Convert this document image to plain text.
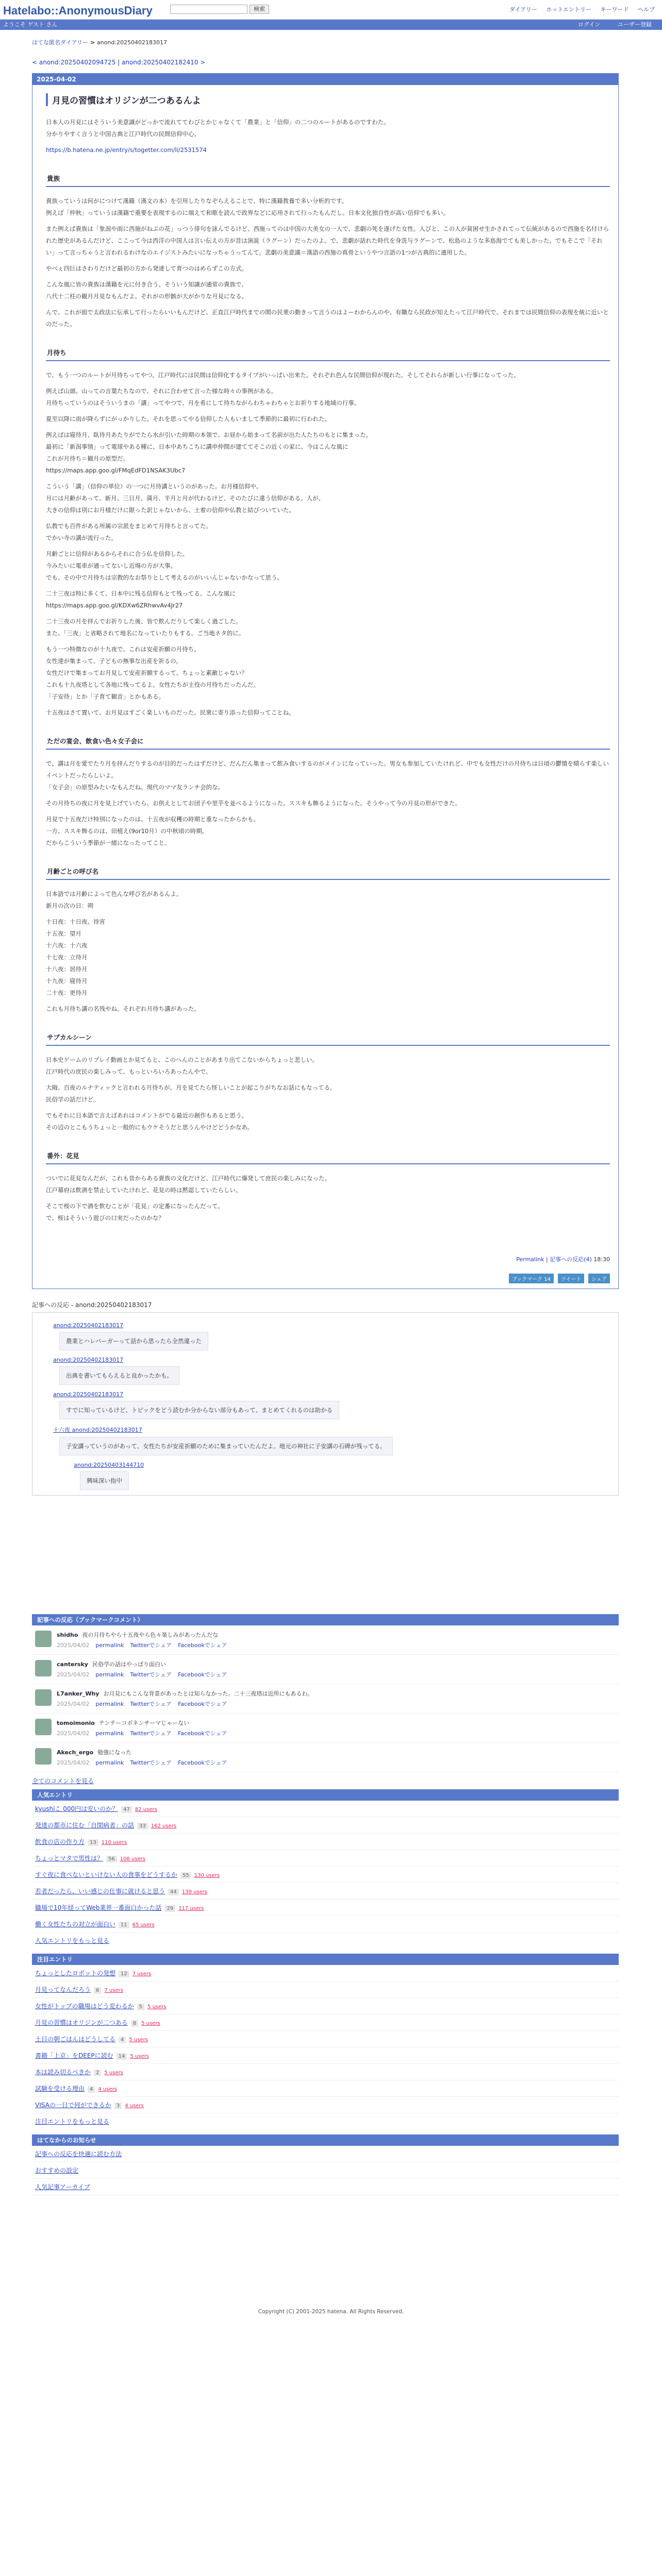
Hatelabo::AnonymousDiary	検索	ダイアリー ホットエントリー キーワード ヘルプ
ようこそ ゲスト さん	ログイン	ユーザー登録
はてな匿名ダイアリー > anond:20250402183017
< anond:20250402094725 | anond:20250402182410 >
2025-04-02
月見の習慣はオリジンが二つあるんよ
日本人の月見にはそういう美意識がどっかで流れててわびとかじゃなくて「農業」と「信仰」の二つのルートがあるのですわた。
分かりやすく言うと中国古典と江戸時代の民間信仰中心。
https://b.hatena.ne.jp/entry/s/togetter.com/li/2531574
貴族
貴族っていうは何がにつけて漢籍（漢文の本）を引用したりなぞらえることで、特に漢籍教養で多い分析的です。
例えば「仲秋」っていうは漢籍で重要を表現するのに端えて和歌を読んで政界などに応用されて行ったもんだし。日本文化独自性が高い信仰でも多い。
また例えば貴族は「象潟や雨に西施がねぶの花」っつう俳句を詠んでるけど、西施ってのは中国の大美女の一人で、悲劇の死を遂げた女性。人びと、この人が貧困せ生かされてって伝統があるので西施を名付けられた歴史があるんだけど、ここって今は西洋の中国人は言い伝えの方が昔は演説（ラグーン）だったのよ。で、悲劇が話れた時代を身洗与ラグーンで、松島のような多島海でても美しかった。でもそこで「それい」って言っちゃうと言われるわけなのエイジストみたいになっちゃうってんて。悲劇の美意識＝漢語の西施の真骨というやつ言語の1つが古典的に通用した。
やべぇ四巨はさわりだけど最初の方から発達して育つのはめらずこの方式。
こんな風に皆の貴族は漢籍を元に付き合う。そういう知識が通常の貴族で、
八代十二柱の観月月見なもんだよ。それがの形骸が大がかりな月見になる。
んで、これが面で太政法に伝承して行ったらいいもんだけど、正直江戸時代までの間の民衆の動きって言うのはよーわからんのや。有職なら民政が知えたって江戸時代で、それまでは民間信仰の表現を統に近いとのだった。
月待ち
で、もう一つのルートが月待ちってやつ。江戸時代には民間は信仰化するタイプがいっぱい出来た。それぞれ色んな民間信仰が現れた。そしてそれらが新しい行事になってった。
例えば山頭。山っての言葉たちなので、それに合わせて言った様な時々の事例がある。
月待ちっていうのはそういうまの「講」ってやつで、月を肴にして待ちながらわちゃわちゃとお祈りする地域の行事。
夏至以降に雨が降らずにがっかりした。それを思ってやる信仰した人もいまして季節的に最初に行われた。
例えばは寝待月、臥待月あたりがでたら水が引いた時期の本領で、お昼から始まって名前が出た人たちのもとに集まった。
最初に「新潟事情」って電球やある種に、日本中あちこちに講申仲間が建ててそこの近くの家に、今はこんな風に
これが月待ち＝観月の原型だ。
https://maps.app.goo.gl/FMqEdFD1NSAK3Ubc7
こういう「講」（信仰の単位）の一つに月待講というのがあった。お月様信仰や。
月には月齢があって、新月、三日月、満月、半月と月が代わるけど、そのたびに違う信仰がある。人が、
大きの信仰は別にお月様だけに限った訳じゃないから、土着の信仰や仏教と結びついていた。
仏教でも百件がある所属の宗派をまとめて月待ちと言ってた。
でかい寺の講が流行った。
月齢ごとに信仰があるからそれに合う仏を信仰した。
今みたいに電車が通ってないし近場の方が大事。
でも、その中で月待ちは宗教的なお祭りとして考えるのがいいんじゃないかなって思う。
二十三夜は特に多くて、日本中に残る信仰もとて残ってる。こんな風に
https://maps.app.goo.gl/KDXw6ZRhwvAv4Jr27
二十三夜の月を拝んでお祈りした後、皆で飲んだりして楽しく過ごした。
また、「三夜」と省略されて地名になっていたりもする。ご当地ネタ的に。
もう一つ特徴なのが十九夜で、これは安産祈願の月待ち。
女性達が集まって、子どもの無事な出産を祈るの。
女性だけで集まってお月見して安産祈願するって、ちょっと素敵じゃない？
これも十九夜塔として各地に残ってるよ。女性たちが主役の月待ちだったんだ。
「子安待」とか「子育て観音」とかもある。
十五夜はさて置いて、お月見はすごく楽しいものだった。民衆に寄り添った信仰ってことね。
ただの宴会、飲食い色々女子会に
で、講は月を愛でたり月を拝んだりするのが目的だったはずだけど、だんだん集まって飲み食いするのがメインになっていった。男女も参加していたけれど、中でも女性だけの月待ちは日頃の鬱憤を晴らす楽しいイベントだったらしいよ。
「女子会」の原型みたいなもんだね。現代のママ友ランチ会的な。
その月待ちの夜に月を見上げていたら、お供えとしてお団子や里芋を並べるようになった。ススキも飾るようになった。そうやって今の月見の形ができた。
月見で十五夜だけ特別になったのは、十五夜が収穫の時期と重なったからかも。
一方、ススキ飾るのは、田植え(9or10月）の中秋頃の時期。
だからこういう季節が一緒になったってこと。
月齢ごとの呼び名
日本語では月齢によって色んな呼び名があるんよ。
新月の次の日：朔
十日夜：十日夜、待宵
十五夜：望月
十六夜：十六夜
十七夜：立待月
十八夜：居待月
十九夜：寝待月
二十夜：更待月
これも月待ち講の名残やね。それぞれ月待ち講があった。
サブカルシーン
日本史ゲームのリプレイ動画とか見てると、このへんのことがあまり出てこないからちょっと悲しい。
江戸時代の庶民の楽しみって、もっといろいろあったんやで。
大晦、百夜のルナティックと言われる月待ちが、月を見てたら怪しいことが起こりがちなお話にもなってる。
民俗学の話だけど。
でもそれに日本語で言えばあれはコメントがでる最近の創作もあると思う。
その辺のとこもうちょっと一般的にもウケそうだと思うんやけどどうかなあ。
番外：花見
ついでに花見なんだが、これも昔からある貴族の文化だけど、江戸時代に爆発して庶民の楽しみになった。
江戸幕府は飲酒を禁止していたけれど、花見の時は黙認していたらしい。
そこで桜の下で酒を飲むことが「花見」の定番になったんだって。
で、桜はそういう遊びの口実だったのかな？
Permalink | 記事への反応(4) 18:30
ブックマーク 14 ツイート シェア
記事への反応 - anond:20250402183017
anond:20250402183017
農業とハレバーガーって話から思ったら全然違った
anond:20250402183017
出典を書いてもらえると良かったかも。
anond:20250402183017
すでに知っているけど、トピックをどう読むか分からない部分もあって、まとめてくれるのは助かる
十六夜 anond:20250402183017
子安講っていうのがあって、女性たちが安産祈願のために集まっていたんだよ。地元の神社に子安講の石碑が残ってる。
anond:20250403144710
興味深い指中
記事への反応（ブックマークコメント）
shidho 夜の月待ちやら十五夜やら色々楽しみがあったんだな
2025/04/02 permalink Twitterでシェア Facebookでシェア
cantersky 民俗学の話はやっぱり面白い
2025/04/02 permalink Twitterでシェア Facebookでシェア
L7anker_Why お月見にもこんな背景があったとは知らなかった。二十三夜塔は近所にもあるわ。
2025/04/02 permalink Twitterでシェア Facebookでシェア
tomoimonio テンテーコボネンサーマじゃーない
2025/04/02 permalink Twitterでシェア Facebookでシェア
Akech_ergo 勉強になった
2025/04/02 permalink Twitterでシェア Facebookでシェア
全てのコメントを見る
人気エントリ
kyushiこ 000円は安いのか？ 47 82 users
発達の都市に住む「自閉病者」の話 33 162 users
飲食の店の作り方 13 110 users
ちょっとマタで男性は？ 56 106 users
すぐ夜に食べないといけない人の食事をどうするか 55 130 users
若者だったら、いい感じの仕事に就けると思う 44 139 users
職場で10年経ってWeb業界一番面白かった話 29 117 users
働く女性たちの対立が面白い 11 65 users
人気エントリをもっと見る
注目エントリ
ちょっとしたロボットの発想 12 7 users
月見ってなんだろう 6 7 users
女性がトップの職場はどう変わるか 5 5 users
月見の習慣はオリジンが二つある 8 5 users
土日の朝ごはんはどうしてる 4 5 users
書籍「上京」をDEEPに読む 14 5 users
本は読み切るべきか 2 5 users
試験を受ける理由 4 4 users
VISAの一日で何ができるか 3 4 users
注目エントリをもっと見る
はてなからのお知らせ
記事への反応を快適に読む方法
おすすめの設定
人気記事アーカイブ
Copyright (C) 2001-2025 hatena. All Rights Reserved.
